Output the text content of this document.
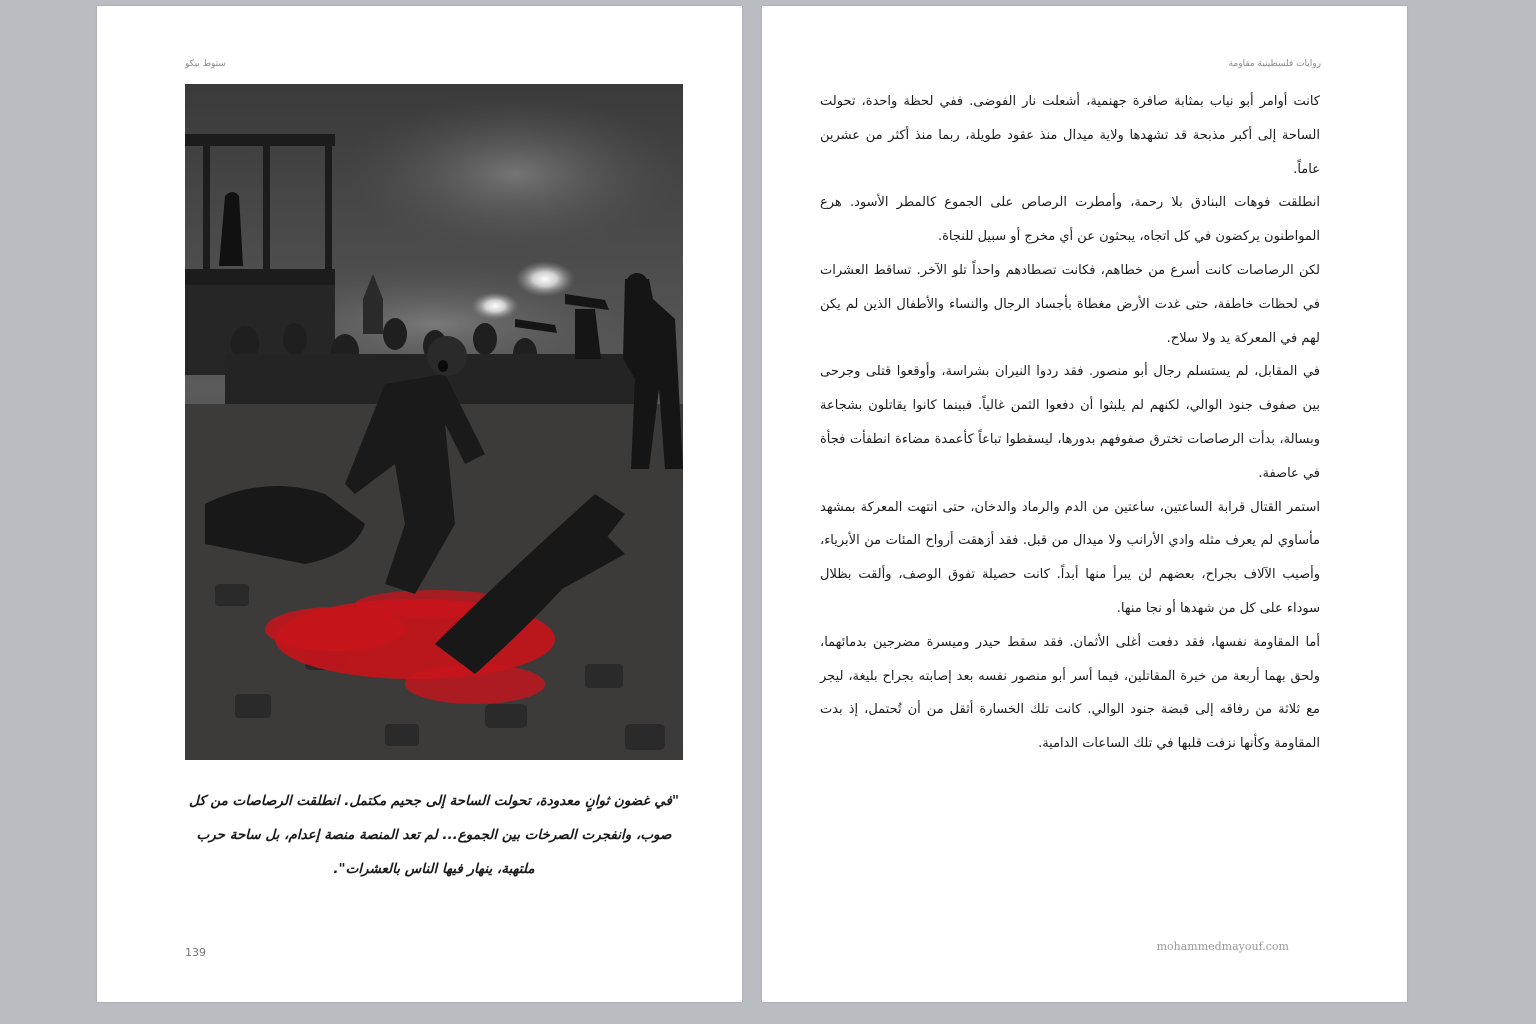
ستوط بيكو
"في غضون ثوانٍ معدودة، تحولت الساحة إلى جحيم مكتمل. انطلقت الرصاصات من كل صوب، وانفجرت الصرخات بين الجموع... لم تعد المنصة منصة إعدام، بل ساحة حرب ملتهبة، ينهار فيها الناس بالعشرات".
139
روايات فلسطينية مقاومة

كانت أوامر أبو نياب بمثابة صافرة جهنمية، أشعلت نار الفوضى. ففي لحظة واحدة، تحولت الساحة إلى أكبر مذبحة قد تشهدها ولاية ميدال منذ عقود طويلة، ربما منذ أكثر من عشرين عاماً.

انطلقت فوهات البنادق بلا رحمة، وأمطرت الرصاص على الجموع كالمطر الأسود. هرع المواطنون يركضون في كل اتجاه، يبحثون عن أي مخرج أو سبيل للنجاة.

لكن الرصاصات كانت أسرع من خطاهم، فكانت تصطادهم واحداً تلو الآخر. تساقط العشرات في لحظات خاطفة، حتى غدت الأرض مغطاة بأجساد الرجال والنساء والأطفال الذين لم يكن لهم في المعركة يد ولا سلاح.

في المقابل، لم يستسلم رجال أبو منصور. فقد ردوا النيران بشراسة، وأوقعوا قتلى وجرحى بين صفوف جنود الوالي، لكنهم لم يلبثوا أن دفعوا الثمن غالياً. فبينما كانوا يقاتلون بشجاعة وبسالة، بدأت الرصاصات تخترق صفوفهم بدورها، ليسقطوا تباعاً كأعمدة مضاءة انطفأت فجأة في عاصفة.

استمر القتال قرابة الساعتين، ساعتين من الدم والرماد والدخان، حتى انتهت المعركة بمشهد مأساوي لم يعرف مثله وادي الأرانب ولا ميدال من قبل. فقد أزهقت أرواح المئات من الأبرياء، وأصيب الآلاف بجراح، بعضهم لن يبرأ منها أبداً. كانت حصيلة تفوق الوصف، وألقت بظلال سوداء على كل من شهدها أو نجا منها.

أما المقاومة نفسها، فقد دفعت أغلى الأثمان. فقد سقط حيدر وميسرة مضرجين بدمائهما، ولحق بهما أربعة من خيرة المقاتلين، فيما أسر أبو منصور نفسه بعد إصابته بجراح بليغة، ليجر مع ثلاثة من رفاقه إلى قبضة جنود الوالي. كانت تلك الخسارة أثقل من أن تُحتمل، إذ بدت المقاومة وكأنها نزفت قلبها في تلك الساعات الدامية.

mohammedmayouf.com
